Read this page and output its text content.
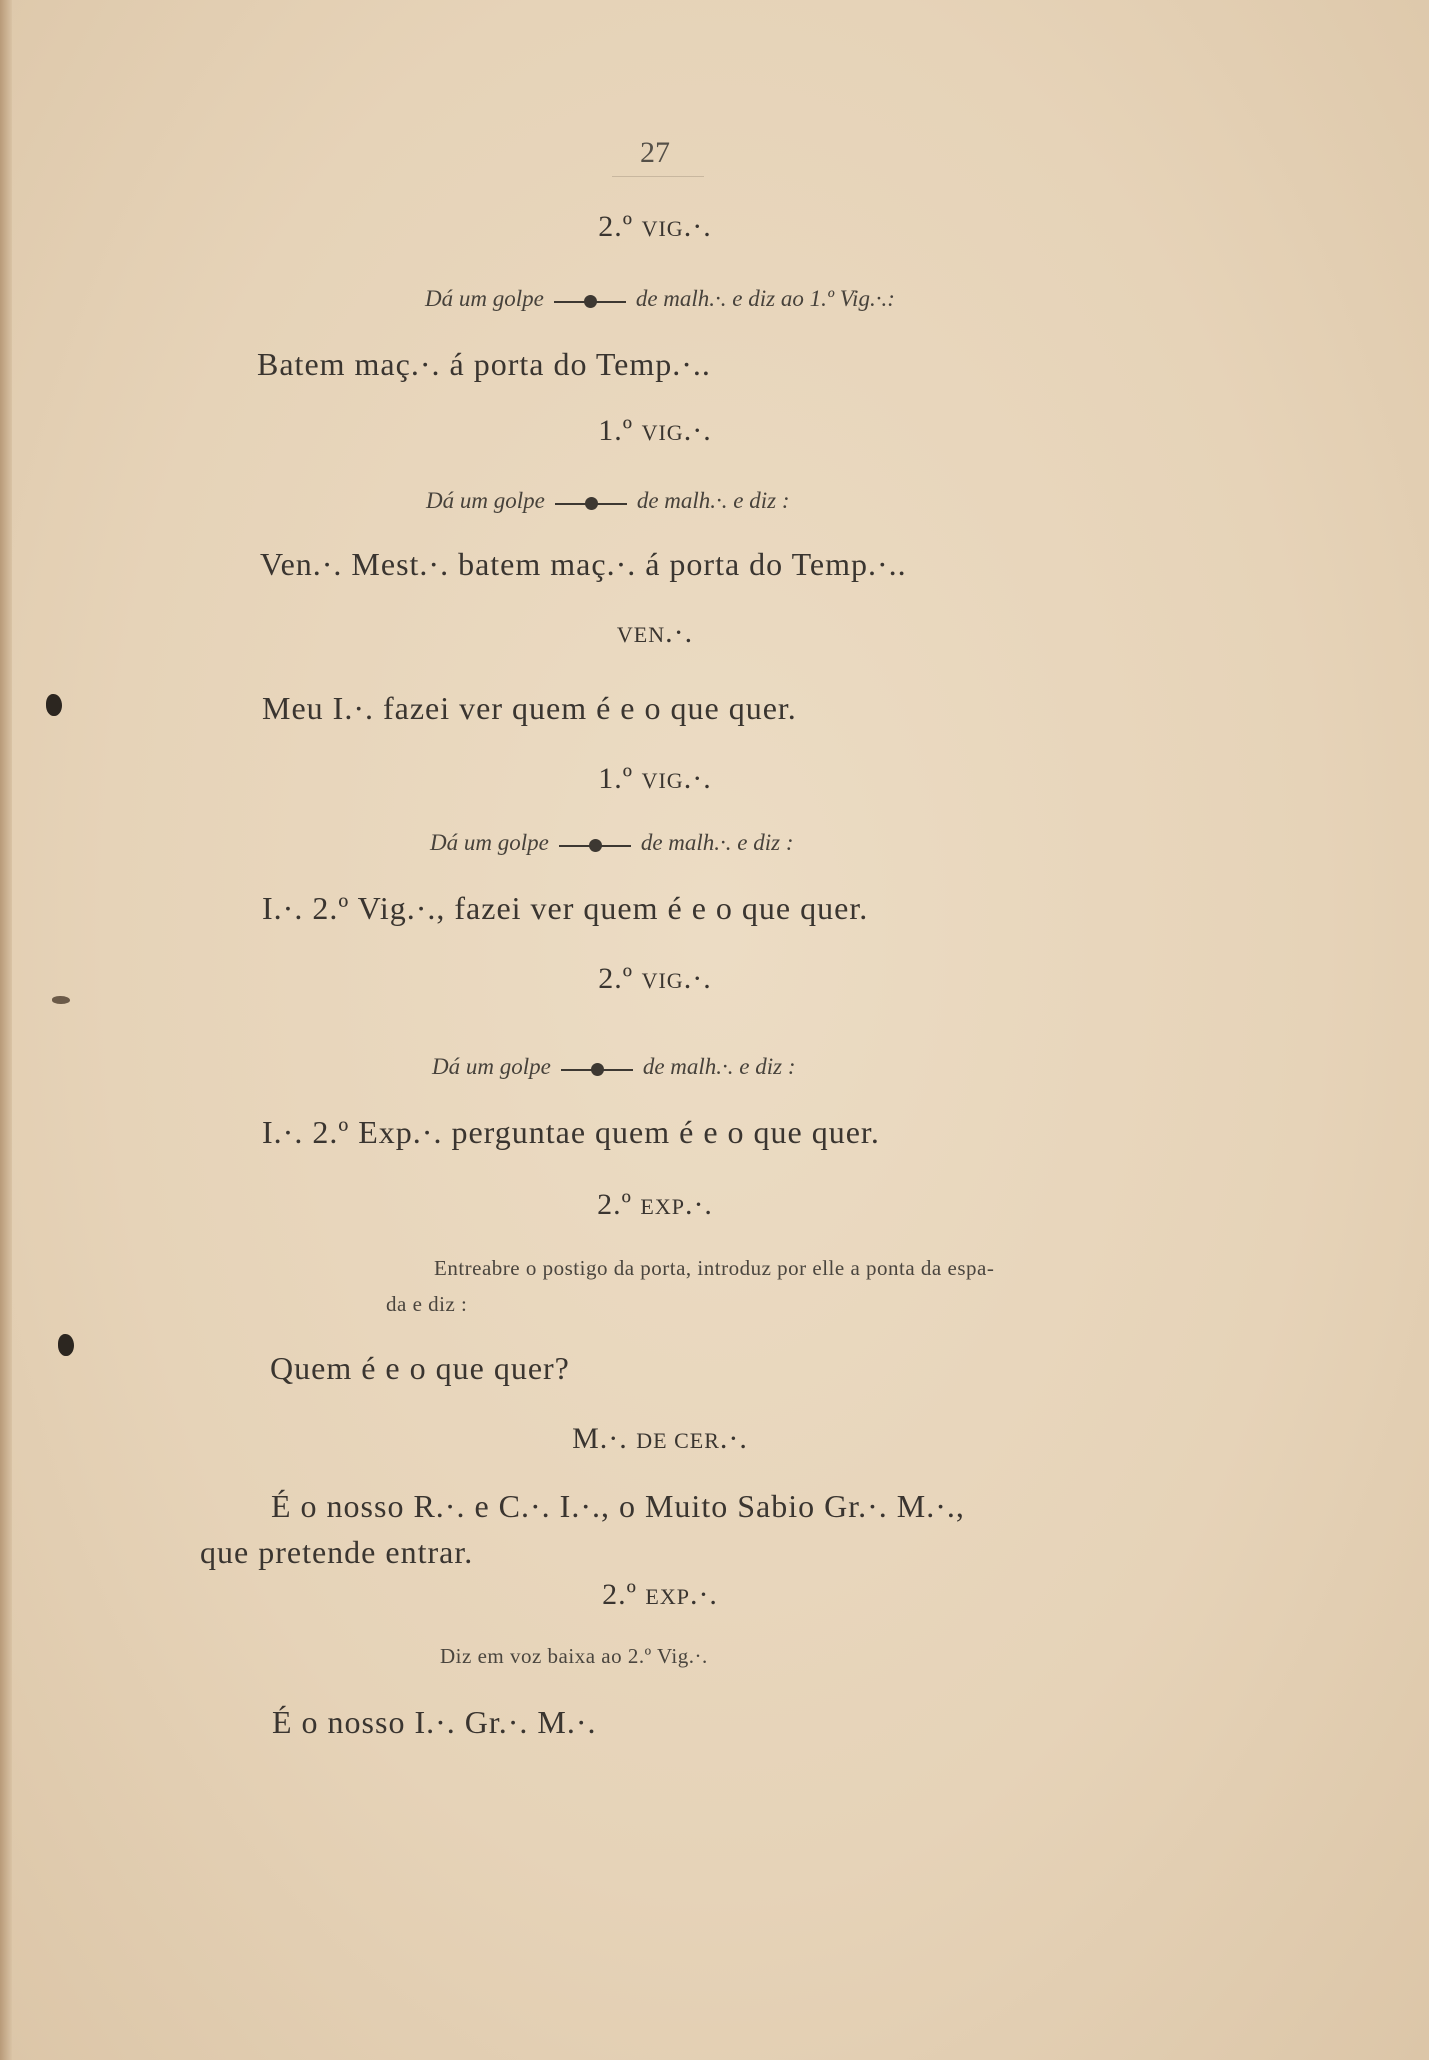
27
2.º VIG.·.
Dá um golpe	de malh.·. e diz ao 1.º Vig.·.:
Batem maç.·. á porta do Temp.·..
1.º VIG.·.
Dá um golpe	de malh.·. e diz :
Ven.·. Mest.·. batem maç.·. á porta do Temp.·..
VEN.·.
Meu I.·. fazei ver quem é e o que quer.
1.º VIG.·.
Dá um golpe	de malh.·. e diz :
I.·. 2.º Vig.·., fazei ver quem é e o que quer.
2.º VIG.·.
Dá um golpe	de malh.·. e diz :
I.·. 2.º Exp.·. perguntae quem é e o que quer.
2.º EXP.·.
Entreabre o postigo da porta, introduz por elle a ponta da espa-
da e diz :
Quem é e o que quer?
M.·. DE CER.·.
É o nosso R.·. e C.·. I.·., o Muito Sabio Gr.·. M.·.,
que pretende entrar.
2.º EXP.·.
Diz em voz baixa ao 2.º Vig.·.
É o nosso I.·. Gr.·. M.·.
